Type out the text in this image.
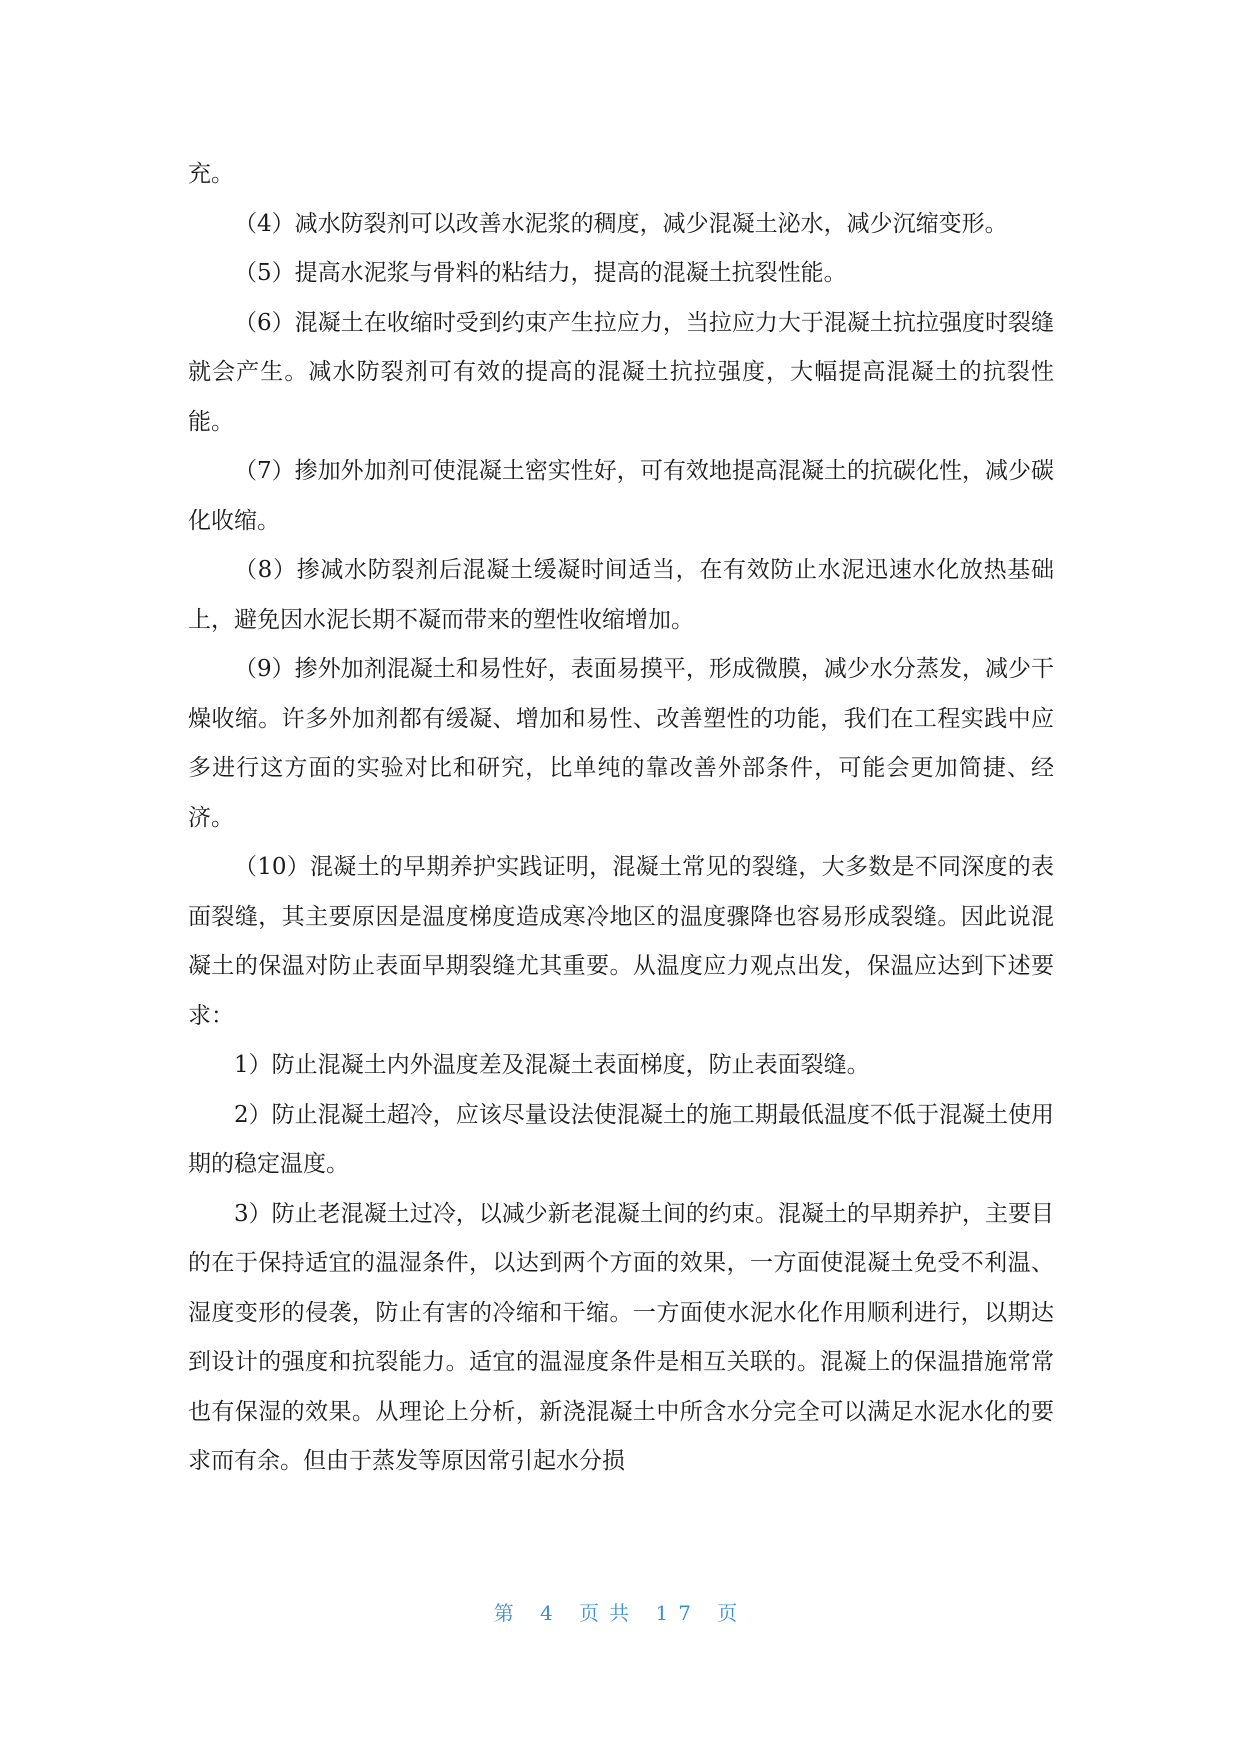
充。

（4）减水防裂剂可以改善水泥浆的稠度，减少混凝土泌水，减少沉缩变形。

（5）提高水泥浆与骨料的粘结力，提高的混凝土抗裂性能。

（6）混凝土在收缩时受到约束产生拉应力，当拉应力大于混凝土抗拉强度时裂缝就会产生。减水防裂剂可有效的提高的混凝土抗拉强度，大幅提高混凝土的抗裂性能。

（7）掺加外加剂可使混凝土密实性好，可有效地提高混凝土的抗碳化性，减少碳化收缩。

（8）掺减水防裂剂后混凝土缓凝时间适当，在有效防止水泥迅速水化放热基础上，避免因水泥长期不凝而带来的塑性收缩增加。

（9）掺外加剂混凝土和易性好，表面易摸平，形成微膜，减少水分蒸发，减少干燥收缩。许多外加剂都有缓凝、增加和易性、改善塑性的功能，我们在工程实践中应多进行这方面的实验对比和研究，比单纯的靠改善外部条件，可能会更加简捷、经济。

（10）混凝土的早期养护实践证明，混凝土常见的裂缝，大多数是不同深度的表面裂缝，其主要原因是温度梯度造成寒冷地区的温度骤降也容易形成裂缝。因此说混凝土的保温对防止表面早期裂缝尤其重要。从温度应力观点出发，保温应达到下述要求：

1）防止混凝土内外温度差及混凝土表面梯度，防止表面裂缝。

2）防止混凝土超冷，应该尽量设法使混凝土的施工期最低温度不低于混凝土使用期的稳定温度。

3）防止老混凝土过冷，以减少新老混凝土间的约束。混凝土的早期养护，主要目的在于保持适宜的温湿条件，以达到两个方面的效果，一方面使混凝土免受不利温、湿度变形的侵袭，防止有害的冷缩和干缩。一方面使水泥水化作用顺利进行，以期达到设计的强度和抗裂能力。适宜的温湿度条件是相互关联的。混凝上的保温措施常常也有保湿的效果。从理论上分析，新浇混凝土中所含水分完全可以满足水泥水化的要求而有余。但由于蒸发等原因常引起水分损

第 4 页共 17 页
